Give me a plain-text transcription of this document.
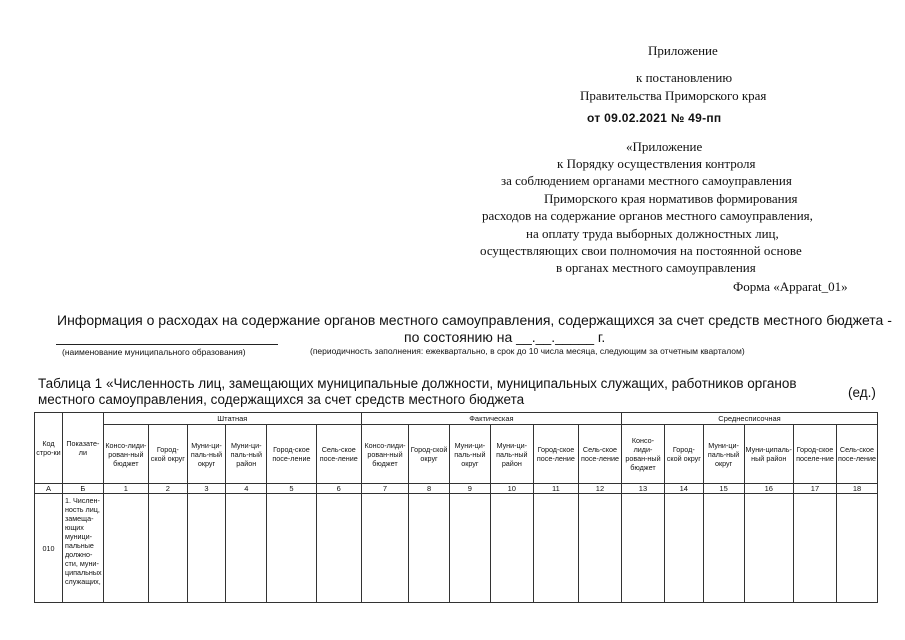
Приложение
к постановлению
Правительства Приморского края
от 09.02.2021 № 49-пп
«Приложение
к Порядку осуществления контроля
за соблюдением органами местного самоуправления
Приморского края нормативов формирования
расходов на содержание органов местного самоуправления,
на оплату труда выборных должностных лиц,
осуществляющих свои полномочия на постоянной основе
в органах местного самоуправления
Форма «Apparat_01»
Информация о расходах на содержание органов местного самоуправления, содержащихся за счет средств местного бюджета -
по состоянию на __.__._____ г.
(наименование муниципального образования)	(периодичность заполнения: ежеквартально, в срок до 10 числа месяца, следующим за отчетным кварталом)
Таблица 1 «Численность лиц, замещающих муниципальные должности, муниципальных служащих, работников органов
местного самоуправления, содержащихся за счет средств местного бюджета	(ед.)
Код стро-ки	Показате-ли	Штатная						Фактическая						Среднесписочная					
		Консо-лиди-рован-ный бюджет	Город-ской округ	Муни-ци-паль-ный округ	Муни-ци-паль-ный район	Город-ское посе-ление	Сель-ское посе-ление	Консо-лиди-рован-ный бюджет	Город-ской округ	Муни-ци-паль-ный округ	Муни-ци-паль-ный район	Город-ское посе-ление	Сель-ское посе-ление	Консо-лиди-рован-ный бюджет	Город-ской округ	Муни-ци-паль-ный округ	Муни-ципаль-ный район	Город-ское поселе-ние	Сель-ское посе-ление
А	Б	1	2	3	4	5	6	7	8	9	10	11	12	13	14	15	16	17	18
010	1. Числен-ность лиц, замеща-ющих муници-пальные должно-сти, муни-ципальных служащих,																		
